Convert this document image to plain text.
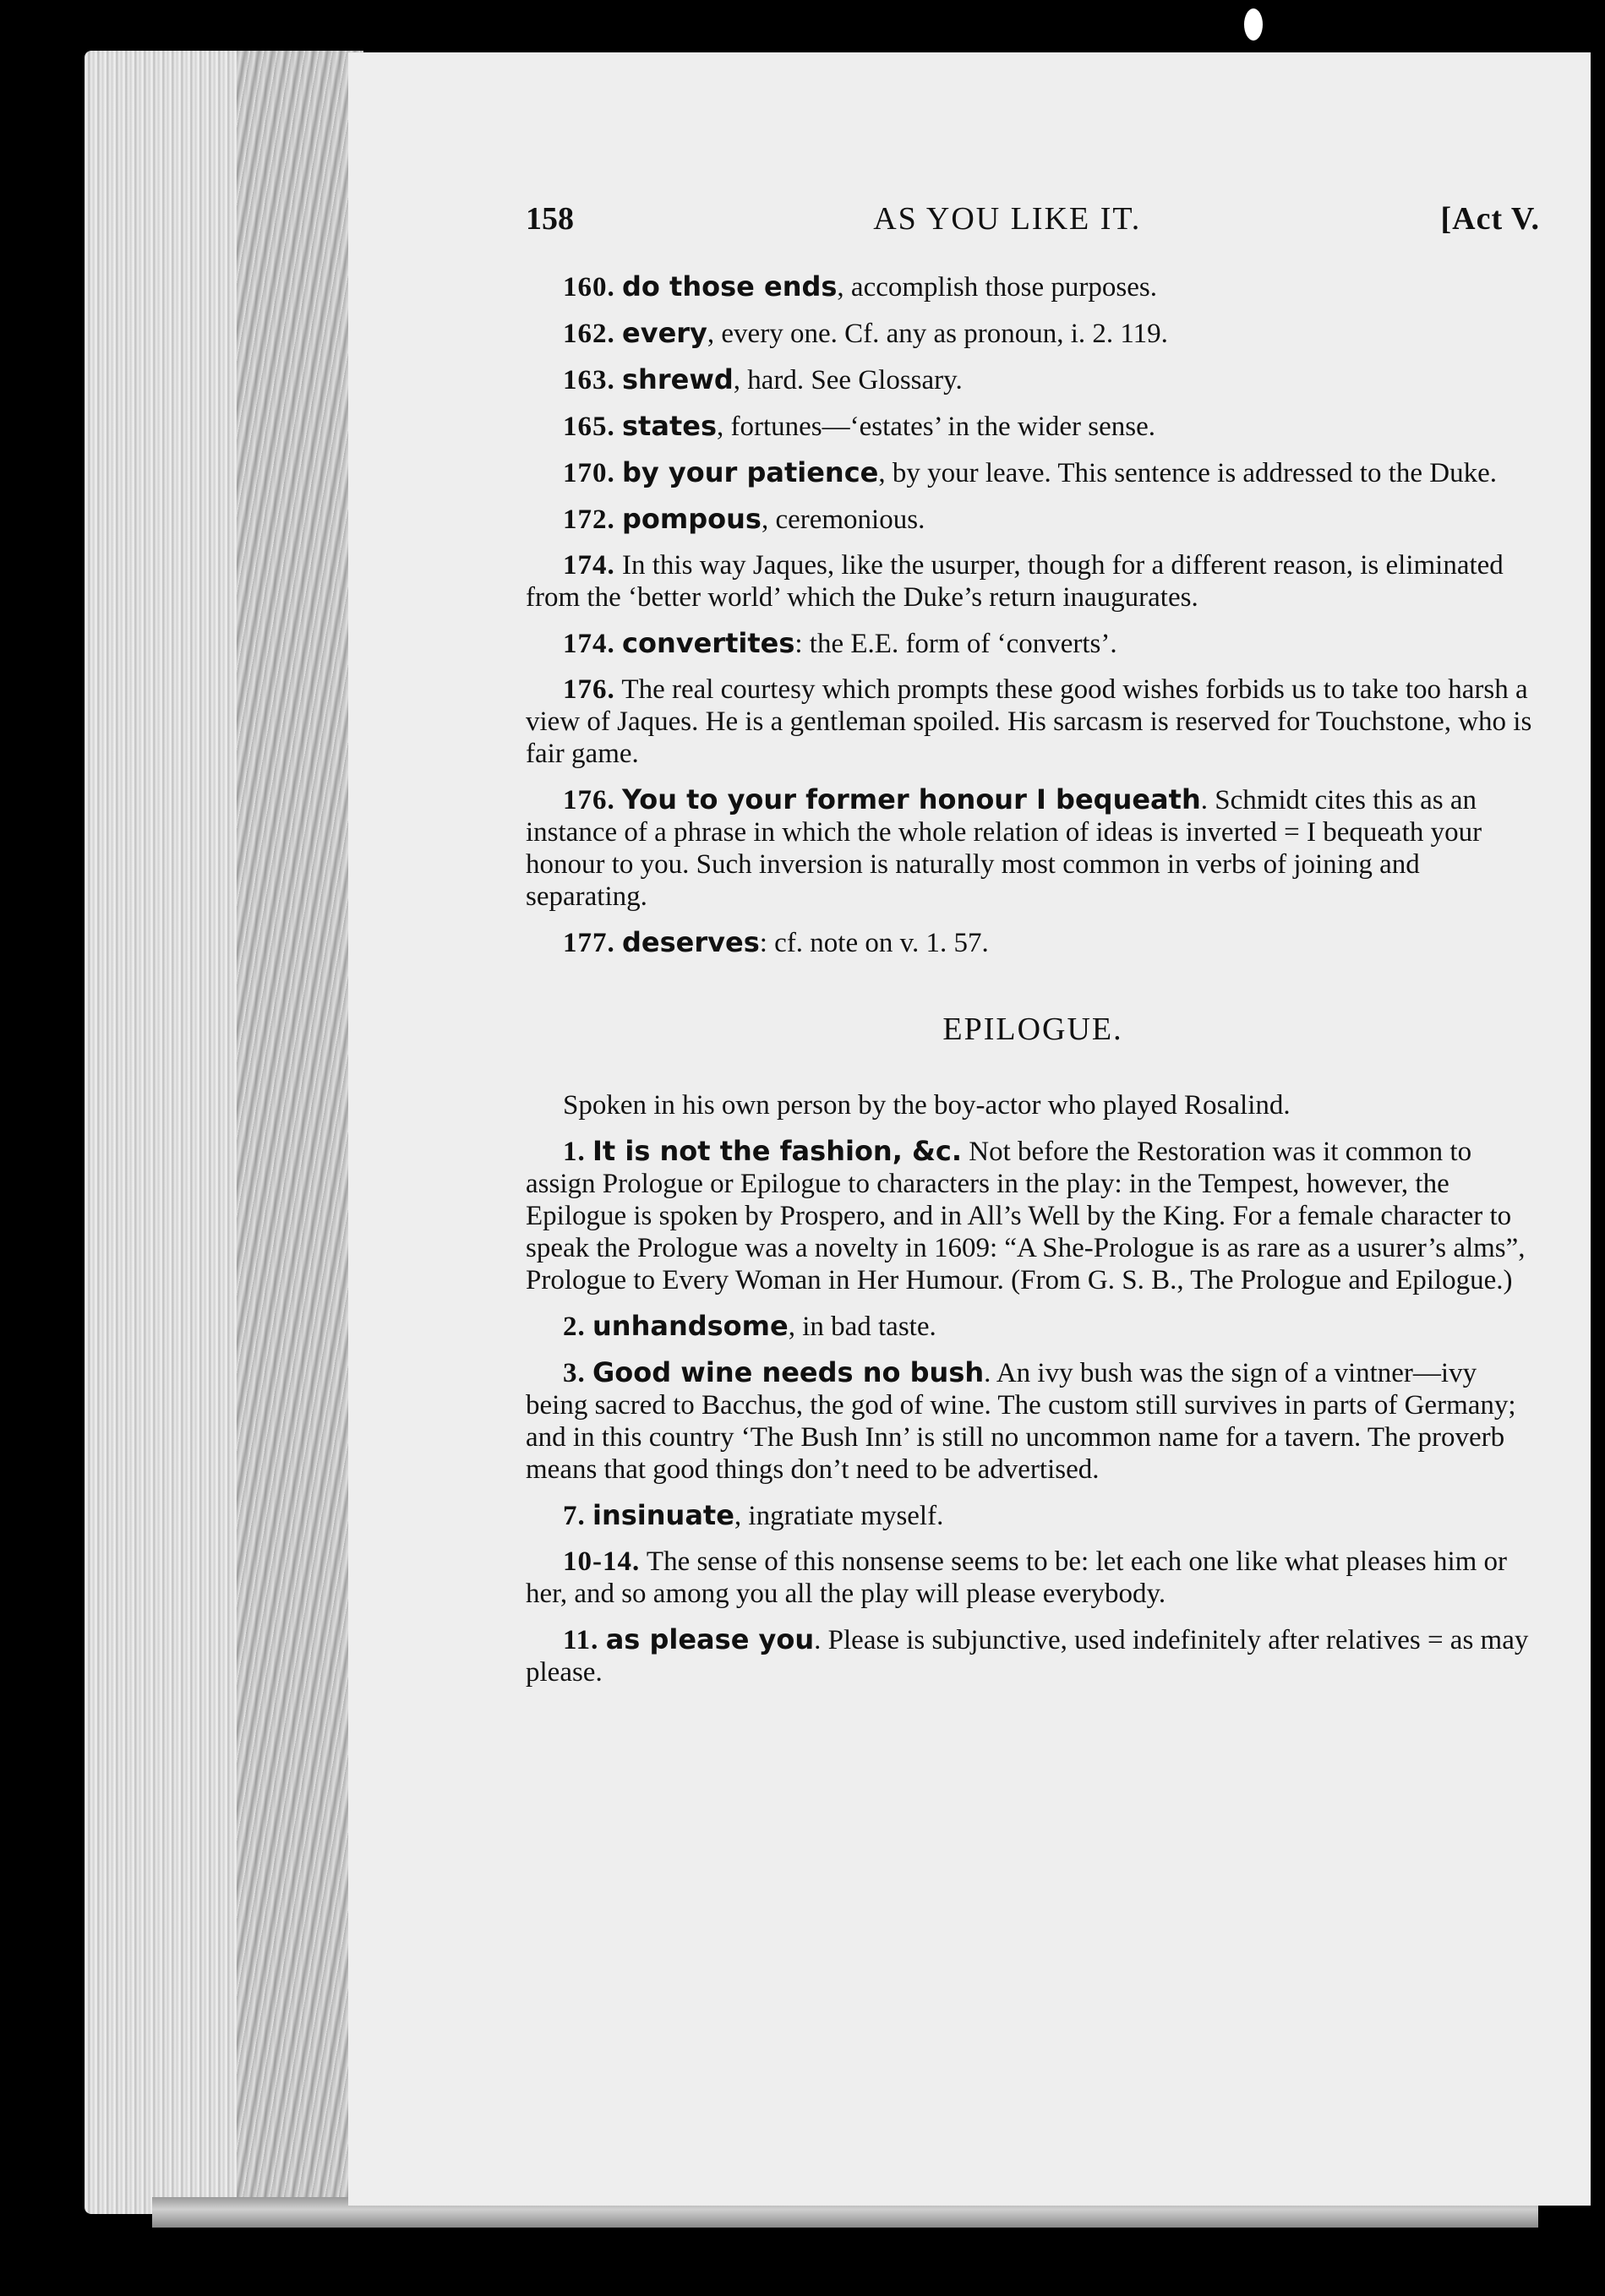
158	AS YOU LIKE IT.	[Act V.

160. do those ends, accomplish those purposes.

162. every, every one. Cf. any as pronoun, i. 2. 119.

163. shrewd, hard. See Glossary.

165. states, fortunes—‘estates’ in the wider sense.

170. by your patience, by your leave. This sentence is addressed to the Duke.

172. pompous, ceremonious.

174. In this way Jaques, like the usurper, though for a different reason, is eliminated from the ‘better world’ which the Duke’s return inaugurates.

174. convertites: the E.E. form of ‘converts’.

176. The real courtesy which prompts these good wishes forbids us to take too harsh a view of Jaques. He is a gentleman spoiled. His sarcasm is reserved for Touchstone, who is fair game.

176. You to your former honour I bequeath. Schmidt cites this as an instance of a phrase in which the whole relation of ideas is inverted = I bequeath your honour to you. Such inversion is naturally most common in verbs of joining and separating.

177. deserves: cf. note on v. 1. 57.

EPILOGUE.

Spoken in his own person by the boy-actor who played Rosalind.

1. It is not the fashion, &c. Not before the Restoration was it common to assign Prologue or Epilogue to characters in the play: in the Tempest, however, the Epilogue is spoken by Prospero, and in All’s Well by the King. For a female character to speak the Prologue was a novelty in 1609: “A She-Prologue is as rare as a usurer’s alms”, Prologue to Every Woman in Her Humour. (From G. S. B., The Prologue and Epilogue.)

2. unhandsome, in bad taste.

3. Good wine needs no bush. An ivy bush was the sign of a vintner—ivy being sacred to Bacchus, the god of wine. The custom still survives in parts of Germany; and in this country ‘The Bush Inn’ is still no uncommon name for a tavern. The proverb means that good things don’t need to be advertised.

7. insinuate, ingratiate myself.

10-14. The sense of this nonsense seems to be: let each one like what pleases him or her, and so among you all the play will please everybody.

11. as please you. Please is subjunctive, used indefinitely after relatives = as may please.
